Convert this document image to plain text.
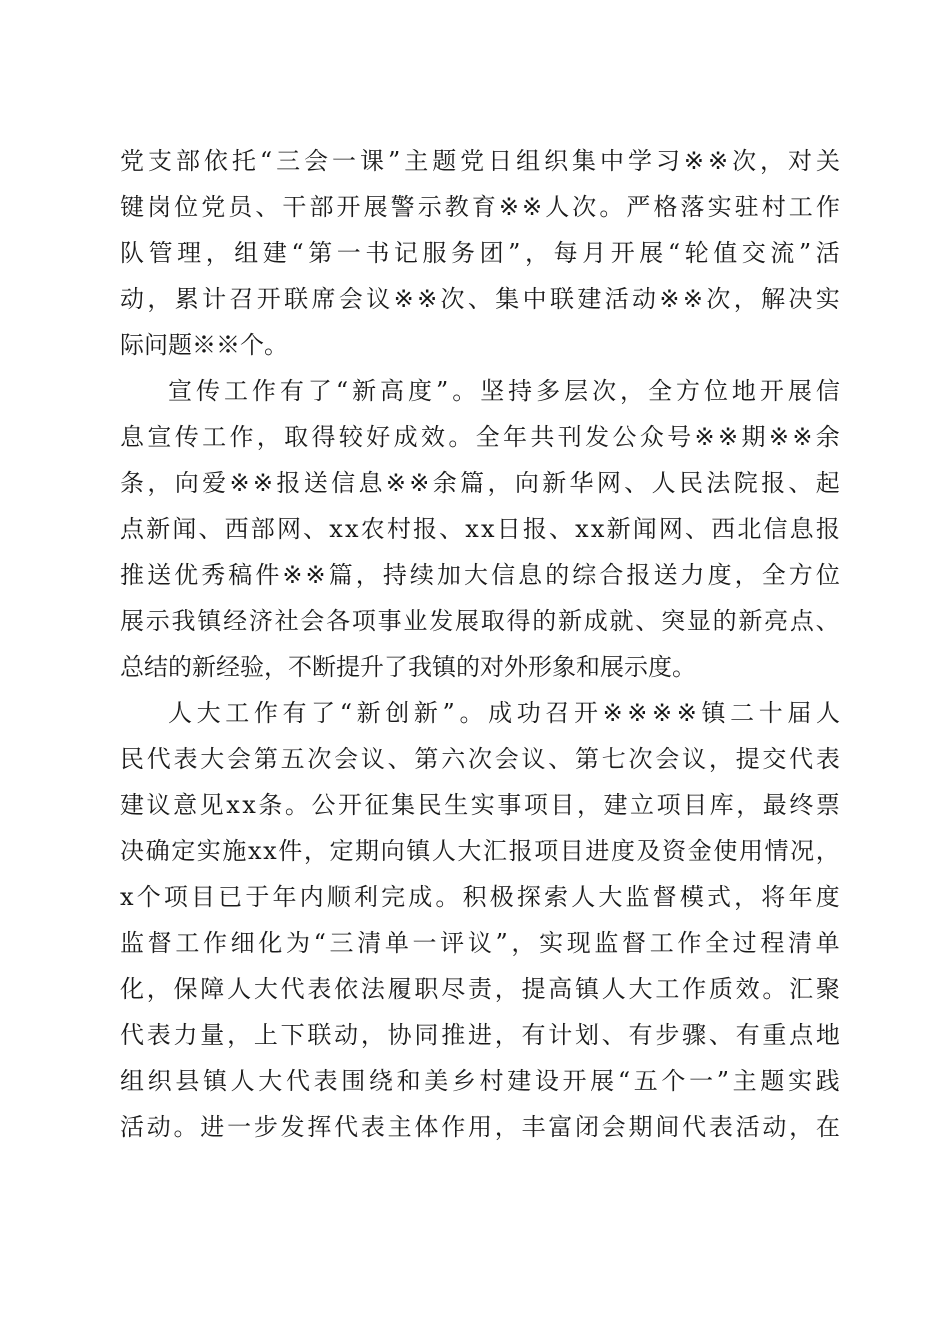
党 支 部 依 托 “ 三 会 一 课 ” 主 题 党 日 组 织 集 中 学 习 ※ ※ 次 ， 对 关
键 岗 位 党 员 、 干 部 开 展 警 示 教 育 ※ ※ 人 次 。 严 格 落 实 驻 村 工 作
队 管 理 ， 组 建 “ 第 一 书 记 服 务 团 ” ， 每 月 开 展 “ 轮 值 交 流 ” 活
动 ， 累 计 召 开 联 席 会 议 ※ ※ 次 、 集 中 联 建 活 动 ※ ※ 次 ， 解 决 实
际问题※※个。
宣 传 工 作 有 了 “ 新 高 度 ” 。 坚 持 多 层 次 ， 全 方 位 地 开 展 信
息 宣 传 工 作 ， 取 得 较 好 成 效 。 全 年 共 刊 发 公 众 号 ※ ※ 期 ※ ※ 余
条 ， 向 爱 ※ ※ 报 送 信 息 ※ ※ 余 篇 ， 向 新 华 网 、 人 民 法 院 报 、 起
点 新 闻 、 西 部 网 、 x x 农 村 报 、 x x 日 报 、 x x 新 闻 网 、 西 北 信 息 报
推 送 优 秀 稿 件 ※ ※ 篇 ， 持 续 加 大 信 息 的 综 合 报 送 力 度 ， 全 方 位
展 示 我 镇 经 济 社 会 各 项 事 业 发 展 取 得 的 新 成 就 、 突 显 的 新 亮 点 、
总结的新经验，不断提升了我镇的对外形象和展示度。
人 大 工 作 有 了 “ 新 创 新 ” 。 成 功 召 开 ※ ※ ※ ※ 镇 二 十 届 人
民 代 表 大 会 第 五 次 会 议 、 第 六 次 会 议 、 第 七 次 会 议 ， 提 交 代 表
建 议 意 见 x x 条 。 公 开 征 集 民 生 实 事 项 目 ， 建 立 项 目 库 ， 最 终 票
决 确 定 实 施 x x 件 ， 定 期 向 镇 人 大 汇 报 项 目 进 度 及 资 金 使 用 情 况 ，
x 个 项 目 已 于 年 内 顺 利 完 成 。 积 极 探 索 人 大 监 督 模 式 ， 将 年 度
监 督 工 作 细 化 为 “ 三 清 单 一 评 议 ” ， 实 现 监 督 工 作 全 过 程 清 单
化 ， 保 障 人 大 代 表 依 法 履 职 尽 责 ， 提 高 镇 人 大 工 作 质 效 。 汇 聚
代 表 力 量 ， 上 下 联 动 ， 协 同 推 进 ， 有 计 划 、 有 步 骤 、 有 重 点 地
组 织 县 镇 人 大 代 表 围 绕 和 美 乡 村 建 设 开 展 “ 五 个 一 ” 主 题 实 践
活 动 。 进 一 步 发 挥 代 表 主 体 作 用 ， 丰 富 闭 会 期 间 代 表 活 动 ， 在
